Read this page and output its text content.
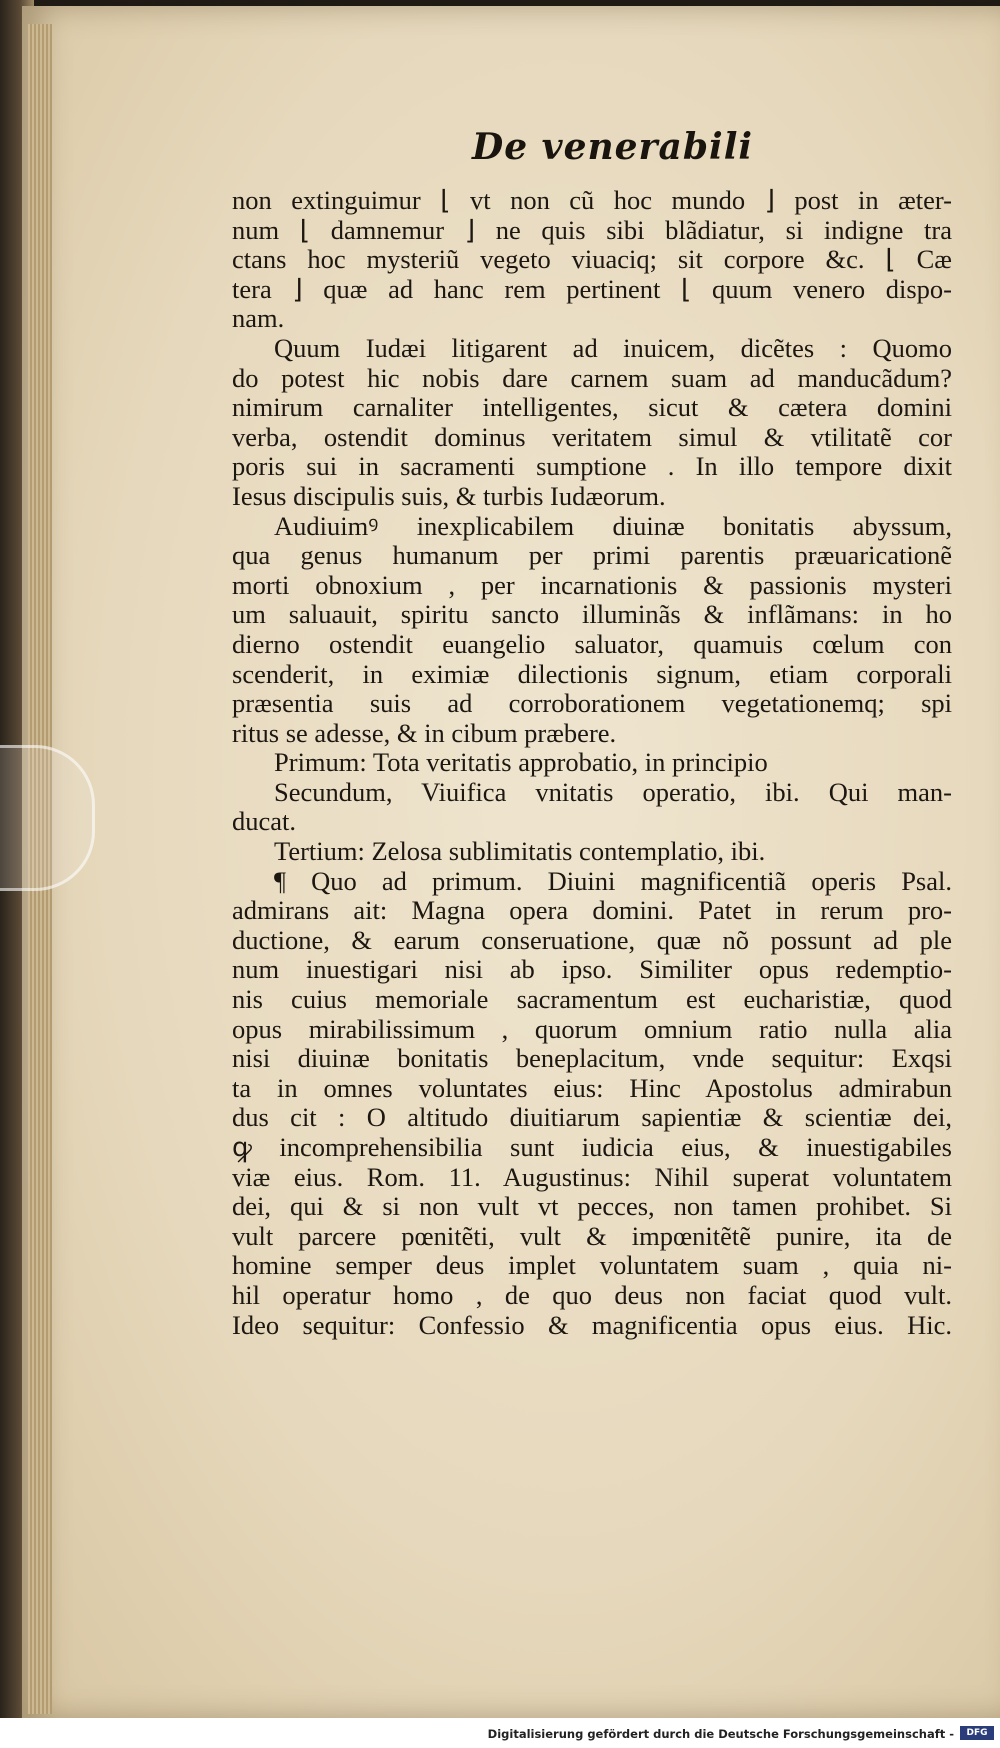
De venerabili
non extinguimur ⌊ vt non cũ hoc mundo ⌋ post in æter-
num ⌊ damnemur ⌋ ne quis sibi blãdiatur, si indigne tra
ctans hoc mysteriũ vegeto viuaciq; sit corpore &c. ⌊ Cæ
tera ⌋ quæ ad hanc rem pertinent ⌊ quum venero dispo-
nam.
Quum Iudæi litigarent ad inuicem, dicẽtes : Quomo
do potest hic nobis dare carnem suam ad manducãdum?
nimirum carnaliter intelligentes, sicut & cætera domini
verba, ostendit dominus veritatem simul & vtilitatẽ cor
poris sui in sacramenti sumptione . In illo tempore dixit
Iesus discipulis suis, & turbis Iudæorum.
Audiuimꝰ inexplicabilem diuinæ bonitatis abyssum,
qua genus humanum per primi parentis præuaricationẽ
morti obnoxium , per incarnationis & passionis mysteri
um saluauit, spiritu sancto illuminãs & inflãmans: in ho
dierno ostendit euangelio saluator, quamuis cœlum con
scenderit, in eximiæ dilectionis signum, etiam corporali
præsentia suis ad corroborationem vegetationemq; spi
ritus se adesse, & in cibum præbere.
Primum: Tota veritatis approbatio, in principio
Secundum, Viuifica vnitatis operatio, ibi. Qui man-
ducat.
Tertium: Zelosa sublimitatis contemplatio, ibi.
¶ Quo ad primum. Diuini magnificentiã operis Psal.
admirans ait: Magna opera domini. Patet in rerum pro-
ductione, & earum conseruatione, quæ nõ possunt ad ple
num inuestigari nisi ab ipso. Similiter opus redemptio-
nis cuius memoriale sacramentum est eucharistiæ, quod
opus mirabilissimum , quorum omnium ratio nulla alia
nisi diuinæ bonitatis beneplacitum, vnde sequitur: Exqsi
ta in omnes voluntates eius: Hinc Apostolus admirabun
dus cit : O altitudo diuitiarum sapientiæ & scientiæ dei,
ꝙ incomprehensibilia sunt iudicia eius, & inuestigabiles
viæ eius. Rom. 11. Augustinus: Nihil superat voluntatem
dei, qui & si non vult vt pecces, non tamen prohibet. Si
vult parcere pœnitẽti, vult & impœnitẽtẽ punire, ita de
homine semper deus implet voluntatem suam , quia ni-
hil operatur homo , de quo deus non faciat quod vult.
Ideo sequitur: Confessio & magnificentia opus eius. Hic.
Digitalisierung gefördert durch die Deutsche Forschungsgemeinschaft -	DFG
